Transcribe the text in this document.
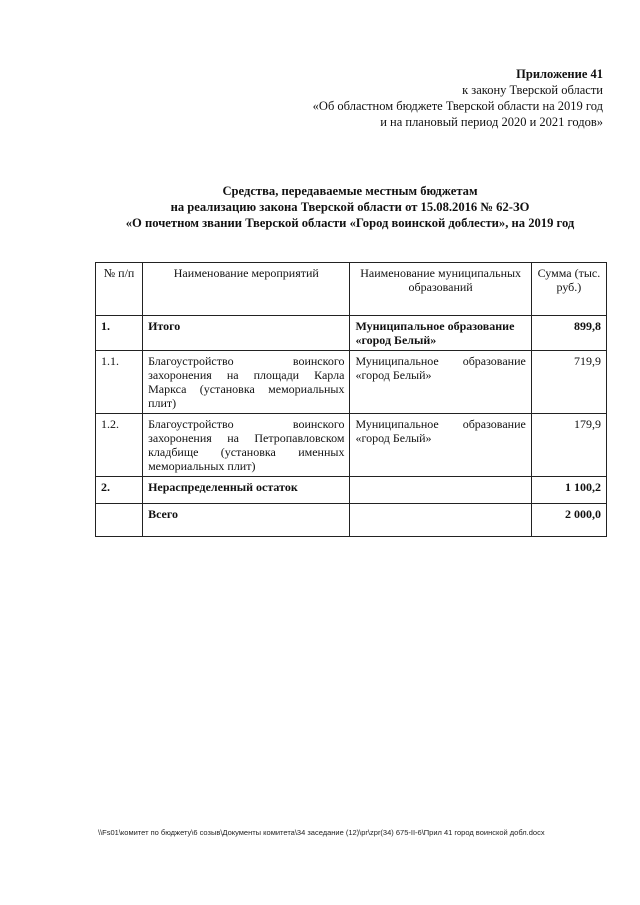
Приложение 41
к закону Тверской области
«Об областном бюджете Тверской области на 2019 год
и на плановый период 2020 и 2021 годов»
Средства, передаваемые местным бюджетам
на реализацию закона Тверской области от 15.08.2016 № 62-ЗО
«О почетном звании Тверской области «Город воинской доблести», на 2019 год
№ п/п	Наименование мероприятий	Наименование муниципальных образований	Сумма (тыс. руб.)
1.	Итого	Муниципальное образование «город Белый»	899,8
1.1.	Благоустройство воинского захоронения на площади Карла Маркса (установка мемориальных плит)	Муниципальное образование «город Белый»	719,9
1.2.	Благоустройство воинского захоронения на Петропавловском кладбище (установка именных мемориальных плит)	Муниципальное образование «город Белый»	179,9
2.	Нераспределенный остаток		1 100,2
	Всего		2 000,0
\\Fs01\комитет по бюджету\6 созыв\Документы комитета\34 заседание (12)\pr\zpr(34) 675-II-6\Прил 41 город воинской добл.docx
